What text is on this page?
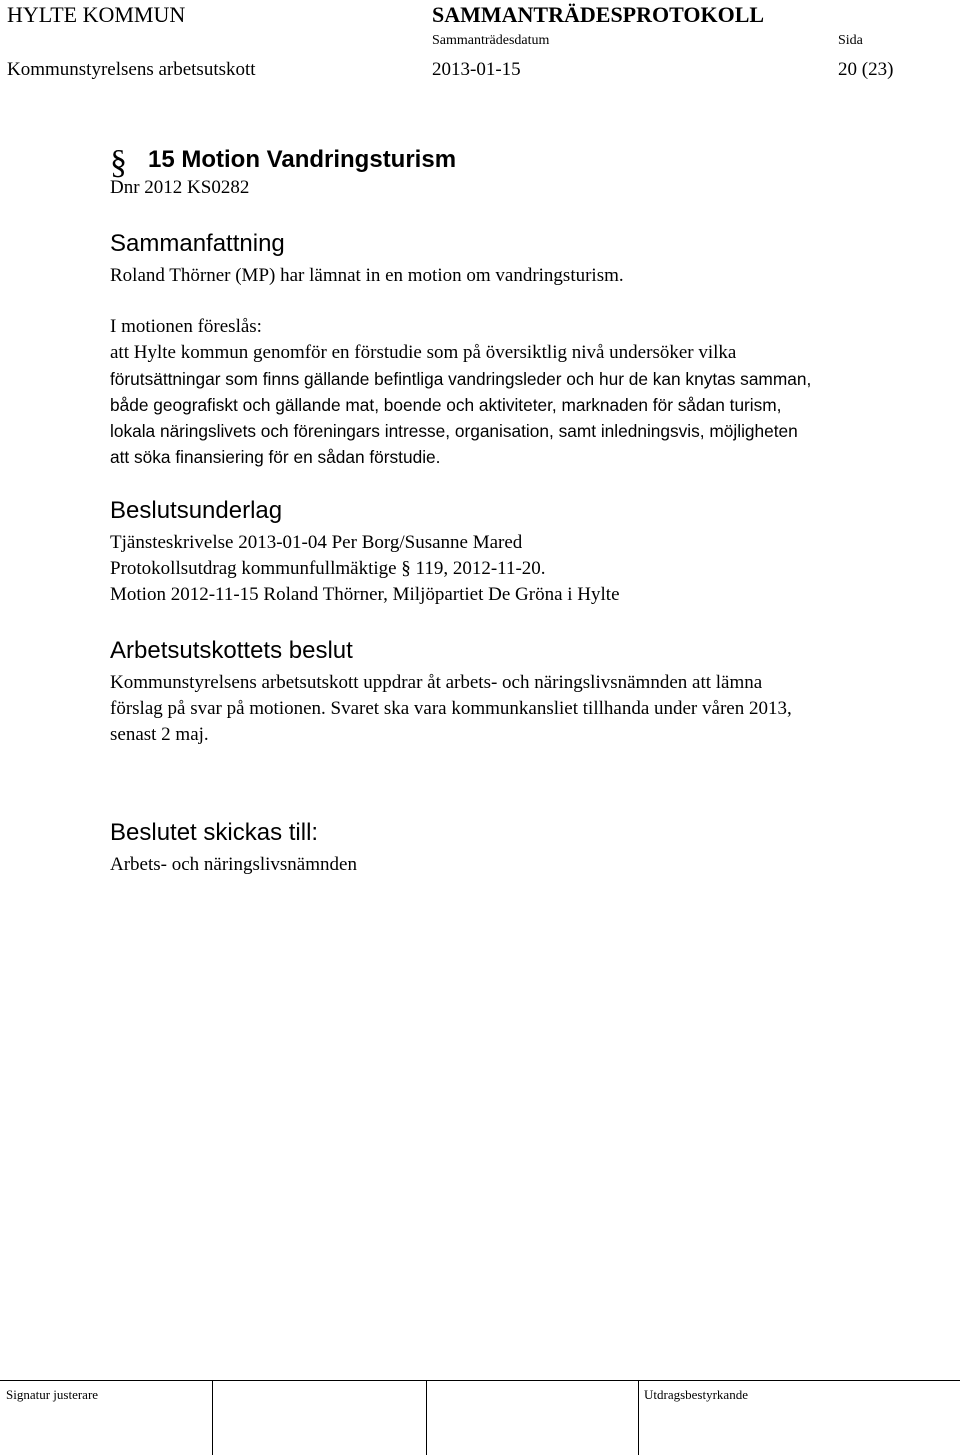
HYLTE KOMMUN	SAMMANTRÄDESPROTOKOLL
Sammanträdesdatum	Sida
Kommunstyrelsens arbetsutskott	2013-01-15	20 (23)
§ 15 Motion Vandringsturism
Dnr 2012 KS0282
Sammanfattning
Roland Thörner (MP) har lämnat in en motion om vandringsturism.
I motionen föreslås:
att Hylte kommun genomför en förstudie som på översiktlig nivå undersöker vilka
förutsättningar som finns gällande befintliga vandringsleder och hur de kan knytas samman,
både geografiskt och gällande mat, boende och aktiviteter, marknaden för sådan turism,
lokala näringslivets och föreningars intresse, organisation, samt inledningsvis, möjligheten
att söka finansiering för en sådan förstudie.
Beslutsunderlag
Tjänsteskrivelse 2013-01-04 Per Borg/Susanne Mared
Protokollsutdrag kommunfullmäktige § 119, 2012-11-20.
Motion 2012-11-15 Roland Thörner, Miljöpartiet De Gröna i Hylte
Arbetsutskottets beslut
Kommunstyrelsens arbetsutskott uppdrar åt arbets- och näringslivsnämnden att lämna
förslag på svar på motionen. Svaret ska vara kommunkansliet tillhanda under våren 2013,
senast 2 maj.
Beslutet skickas till:
Arbets- och näringslivsnämnden
Signatur justerare	Utdragsbestyrkande
